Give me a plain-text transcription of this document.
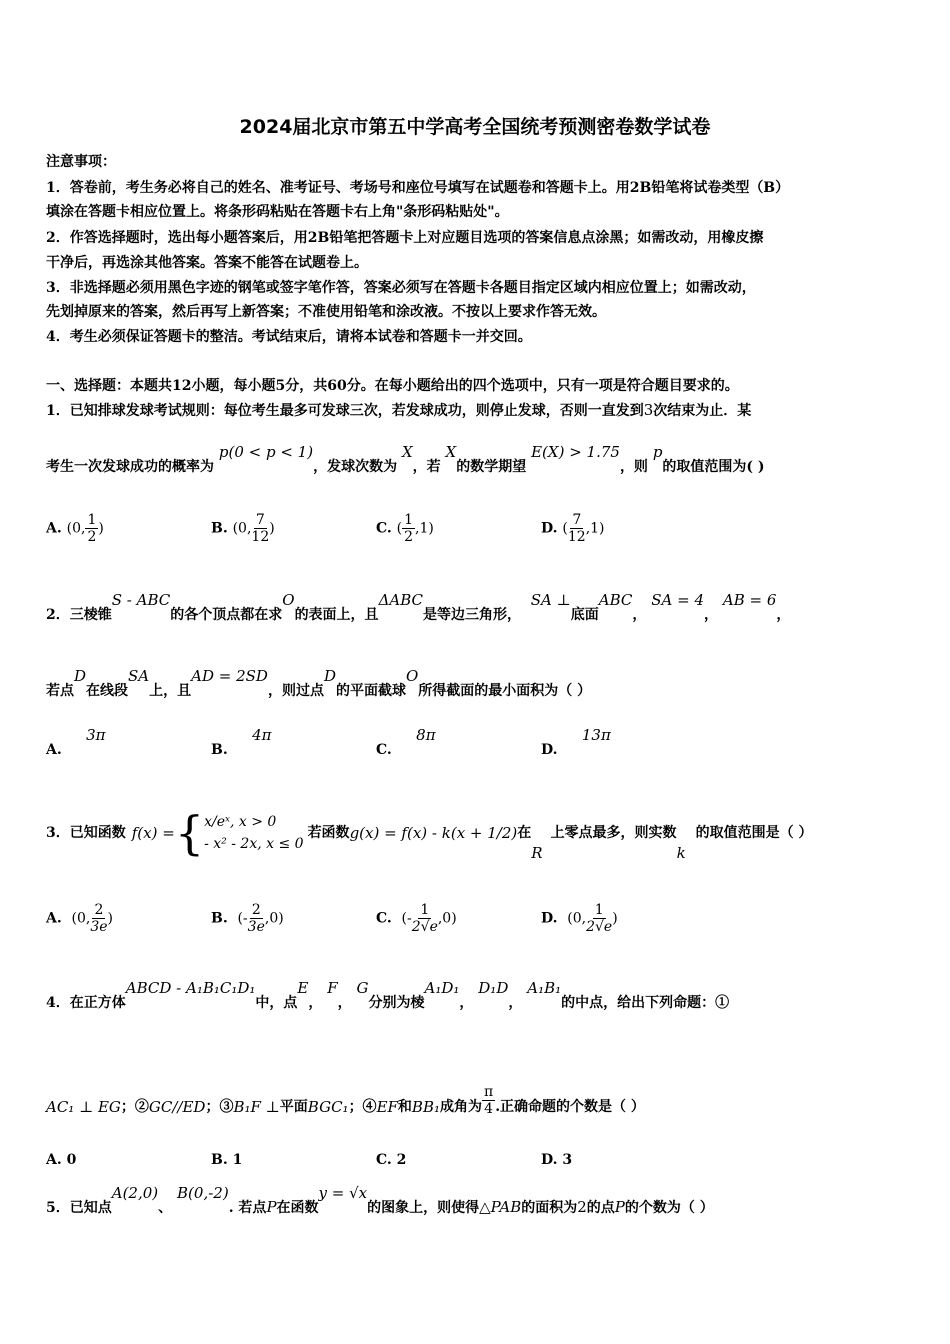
2024届北京市第五中学高考全国统考预测密卷数学试卷
注意事项：
1．答卷前，考生务必将自己的姓名、准考证号、考场号和座位号填写在试题卷和答题卡上。用2B铅笔将试卷类型（B）
填涂在答题卡相应位置上。将条形码粘贴在答题卡右上角"条形码粘贴处"。
2．作答选择题时，选出每小题答案后，用2B铅笔把答题卡上对应题目选项的答案信息点涂黑；如需改动，用橡皮擦
干净后，再选涂其他答案。答案不能答在试题卷上。
3．非选择题必须用黑色字迹的钢笔或签字笔作答，答案必须写在答题卡各题目指定区域内相应位置上；如需改动，
先划掉原来的答案，然后再写上新答案；不准使用铅笔和涂改液。不按以上要求作答无效。
4．考生必须保证答题卡的整洁。考试结束后，请将本试卷和答题卡一并交回。
一、选择题：本题共12小题，每小题5分，共60分。在每小题给出的四个选项中，只有一项是符合题目要求的。
1．已知排球发球考试规则：每位考生最多可发球三次，若发球成功，则停止发球，否则一直发到3次结束为止．某
考生一次发球成功的概率为 p(0 < p < 1)，发球次数为 X，若 X的数学期望 E(X) > 1.75，则 p的取值范围为( )
A. (0, $\frac{1}{2}$ )	B. (0, $\frac{7}{12}$ )	C. ( $\frac{1}{2} ,1$)	D. ( $\frac{7}{12} ,1$)
2．三棱锥S - ABC的各个顶点都在求O的表面上，且ΔABC是等边三角形，  SA ⊥底面ABC， SA = 4， AB = 6，
若点D在线段SA上，且AD = 2SD，则过点D的平面截球O所得截面的最小面积为（ ）
A.     3π
B.     4π
C.     8π
D.     13π
3．已知函数 f(x) = { x/eˣ, x > 0
- x² - 2x, x ≤ 0
若函数 g(x) = f(x) - k(x + 1/2) 在
R
上零点最多，则实数
k
的取值范围是（ ）
A. (0, $\frac{2}{3e}$ )	B. (- $\frac{2}{3e} ,0$)	C. (- $\frac{1}{2√e} ,0$)	D. (0, $\frac{1}{2√e}$ )
4．在正方体ABCD - A₁B₁C₁D₁中，点E， F， G分别为棱A₁D₁， D₁D， A₁B₁的中点，给出下列命题：①
AC₁ ⊥ EG ；② GC//ED ；③ B₁F ⊥ 平面 BGC₁ ；④ EF 和 BB₁ 成角为 $\frac{\pi}{4}$ .正确命题的个数是（ ）
A. 0	B. 1	C. 2	D. 3
5．已知点A(2,0)、 B(0,-2). 若点P在函数y = √x的图象上，则使得△PAB的面积为2的点P的个数为（ ）
